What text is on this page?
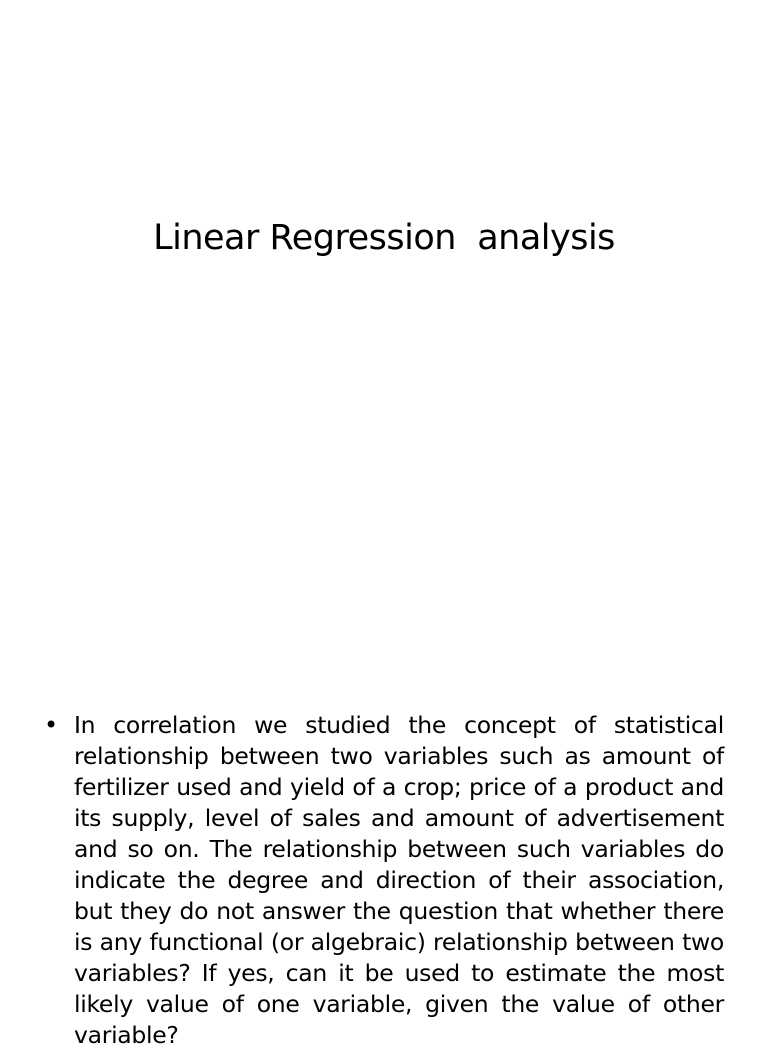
Linear Regression  analysis
• In correlation we studied the concept of statistical relationship between two variables such as amount of fertilizer used and yield of a crop; price of a product and its supply, level of sales and amount of advertisement and so on. The relationship between such variables do indicate the degree and direction of their association, but they do not answer the question that whether there is any functional (or algebraic) relationship between two variables? If yes, can it be used to estimate the most likely value of one variable, given the value of other variable?
